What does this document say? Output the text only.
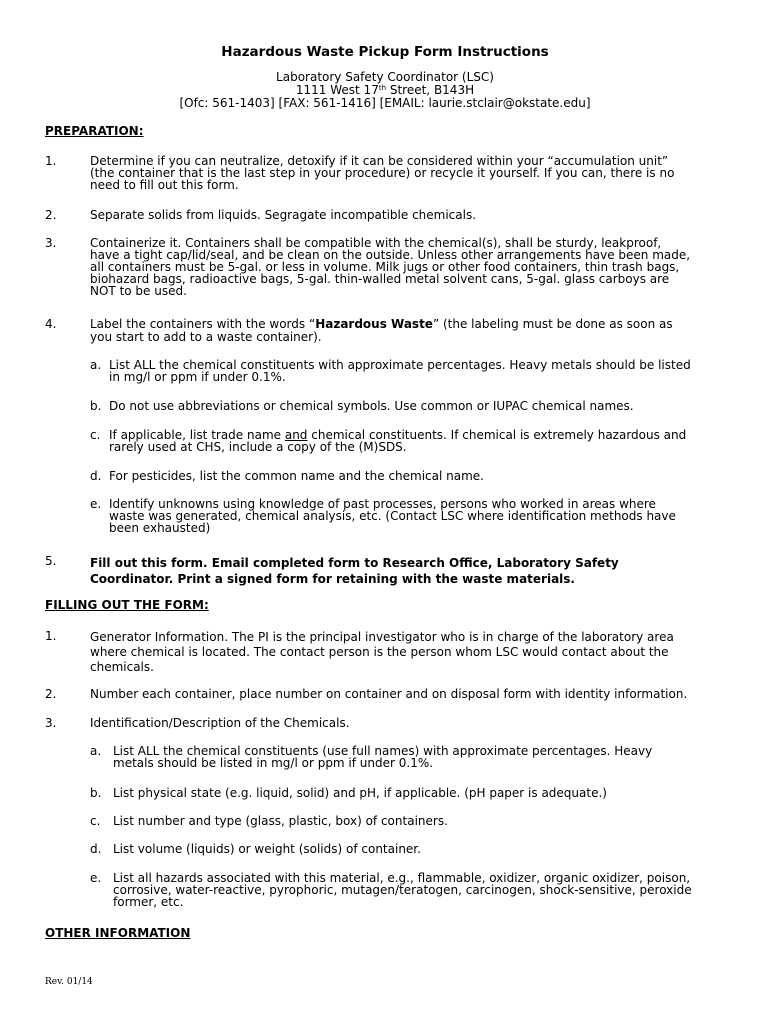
Hazardous Waste Pickup Form Instructions
Laboratory Safety Coordinator (LSC)
1111 West 17th Street, B143H
[Ofc: 561-1403] [FAX: 561-1416] [EMAIL: laurie.stclair@okstate.edu]
PREPARATION:
1.	Determine if you can neutralize, detoxify if it can be considered within your “accumulation unit”
(the container that is the last step in your procedure) or recycle it yourself. If you can, there is no
need to fill out this form.
2.	Separate solids from liquids. Segragate incompatible chemicals.
3.	Containerize it. Containers shall be compatible with the chemical(s), shall be sturdy, leakproof,
have a tight cap/lid/seal, and be clean on the outside. Unless other arrangements have been made,
all containers must be 5-gal. or less in volume. Milk jugs or other food containers, thin trash bags,
biohazard bags, radioactive bags, 5-gal. thin-walled metal solvent cans, 5-gal. glass carboys are
NOT to be used.
4.	Label the containers with the words “Hazardous Waste” (the labeling must be done as soon as
you start to add to a waste container).
a. List ALL the chemical constituents with approximate percentages. Heavy metals should be listed
in mg/l or ppm if under 0.1%.
b. Do not use abbreviations or chemical symbols. Use common or IUPAC chemical names.
c. If applicable, list trade name and chemical constituents. If chemical is extremely hazardous and
rarely used at CHS, include a copy of the (M)SDS.
d. For pesticides, list the common name and the chemical name.
e. Identify unknowns using knowledge of past processes, persons who worked in areas where
waste was generated, chemical analysis, etc. (Contact LSC where identification methods have
been exhausted)
5.	Fill out this form. Email completed form to Research Office, Laboratory Safety
Coordinator. Print a signed form for retaining with the waste materials.
FILLING OUT THE FORM:
1.	Generator Information. The PI is the principal investigator who is in charge of the laboratory area
where chemical is located. The contact person is the person whom LSC would contact about the
chemicals.
2.	Number each container, place number on container and on disposal form with identity information.
3.	Identification/Description of the Chemicals.
a. List ALL the chemical constituents (use full names) with approximate percentages. Heavy
metals should be listed in mg/l or ppm if under 0.1%.
b. List physical state (e.g. liquid, solid) and pH, if applicable. (pH paper is adequate.)
c.	List number and type (glass, plastic, box) of containers.
d. List volume (liquids) or weight (solids) of container.
e. List all hazards associated with this material, e.g., flammable, oxidizer, organic oxidizer, poison,
corrosive, water-reactive, pyrophoric, mutagen/teratogen, carcinogen, shock-sensitive, peroxide
former, etc.
OTHER INFORMATION
Rev. 01/14
